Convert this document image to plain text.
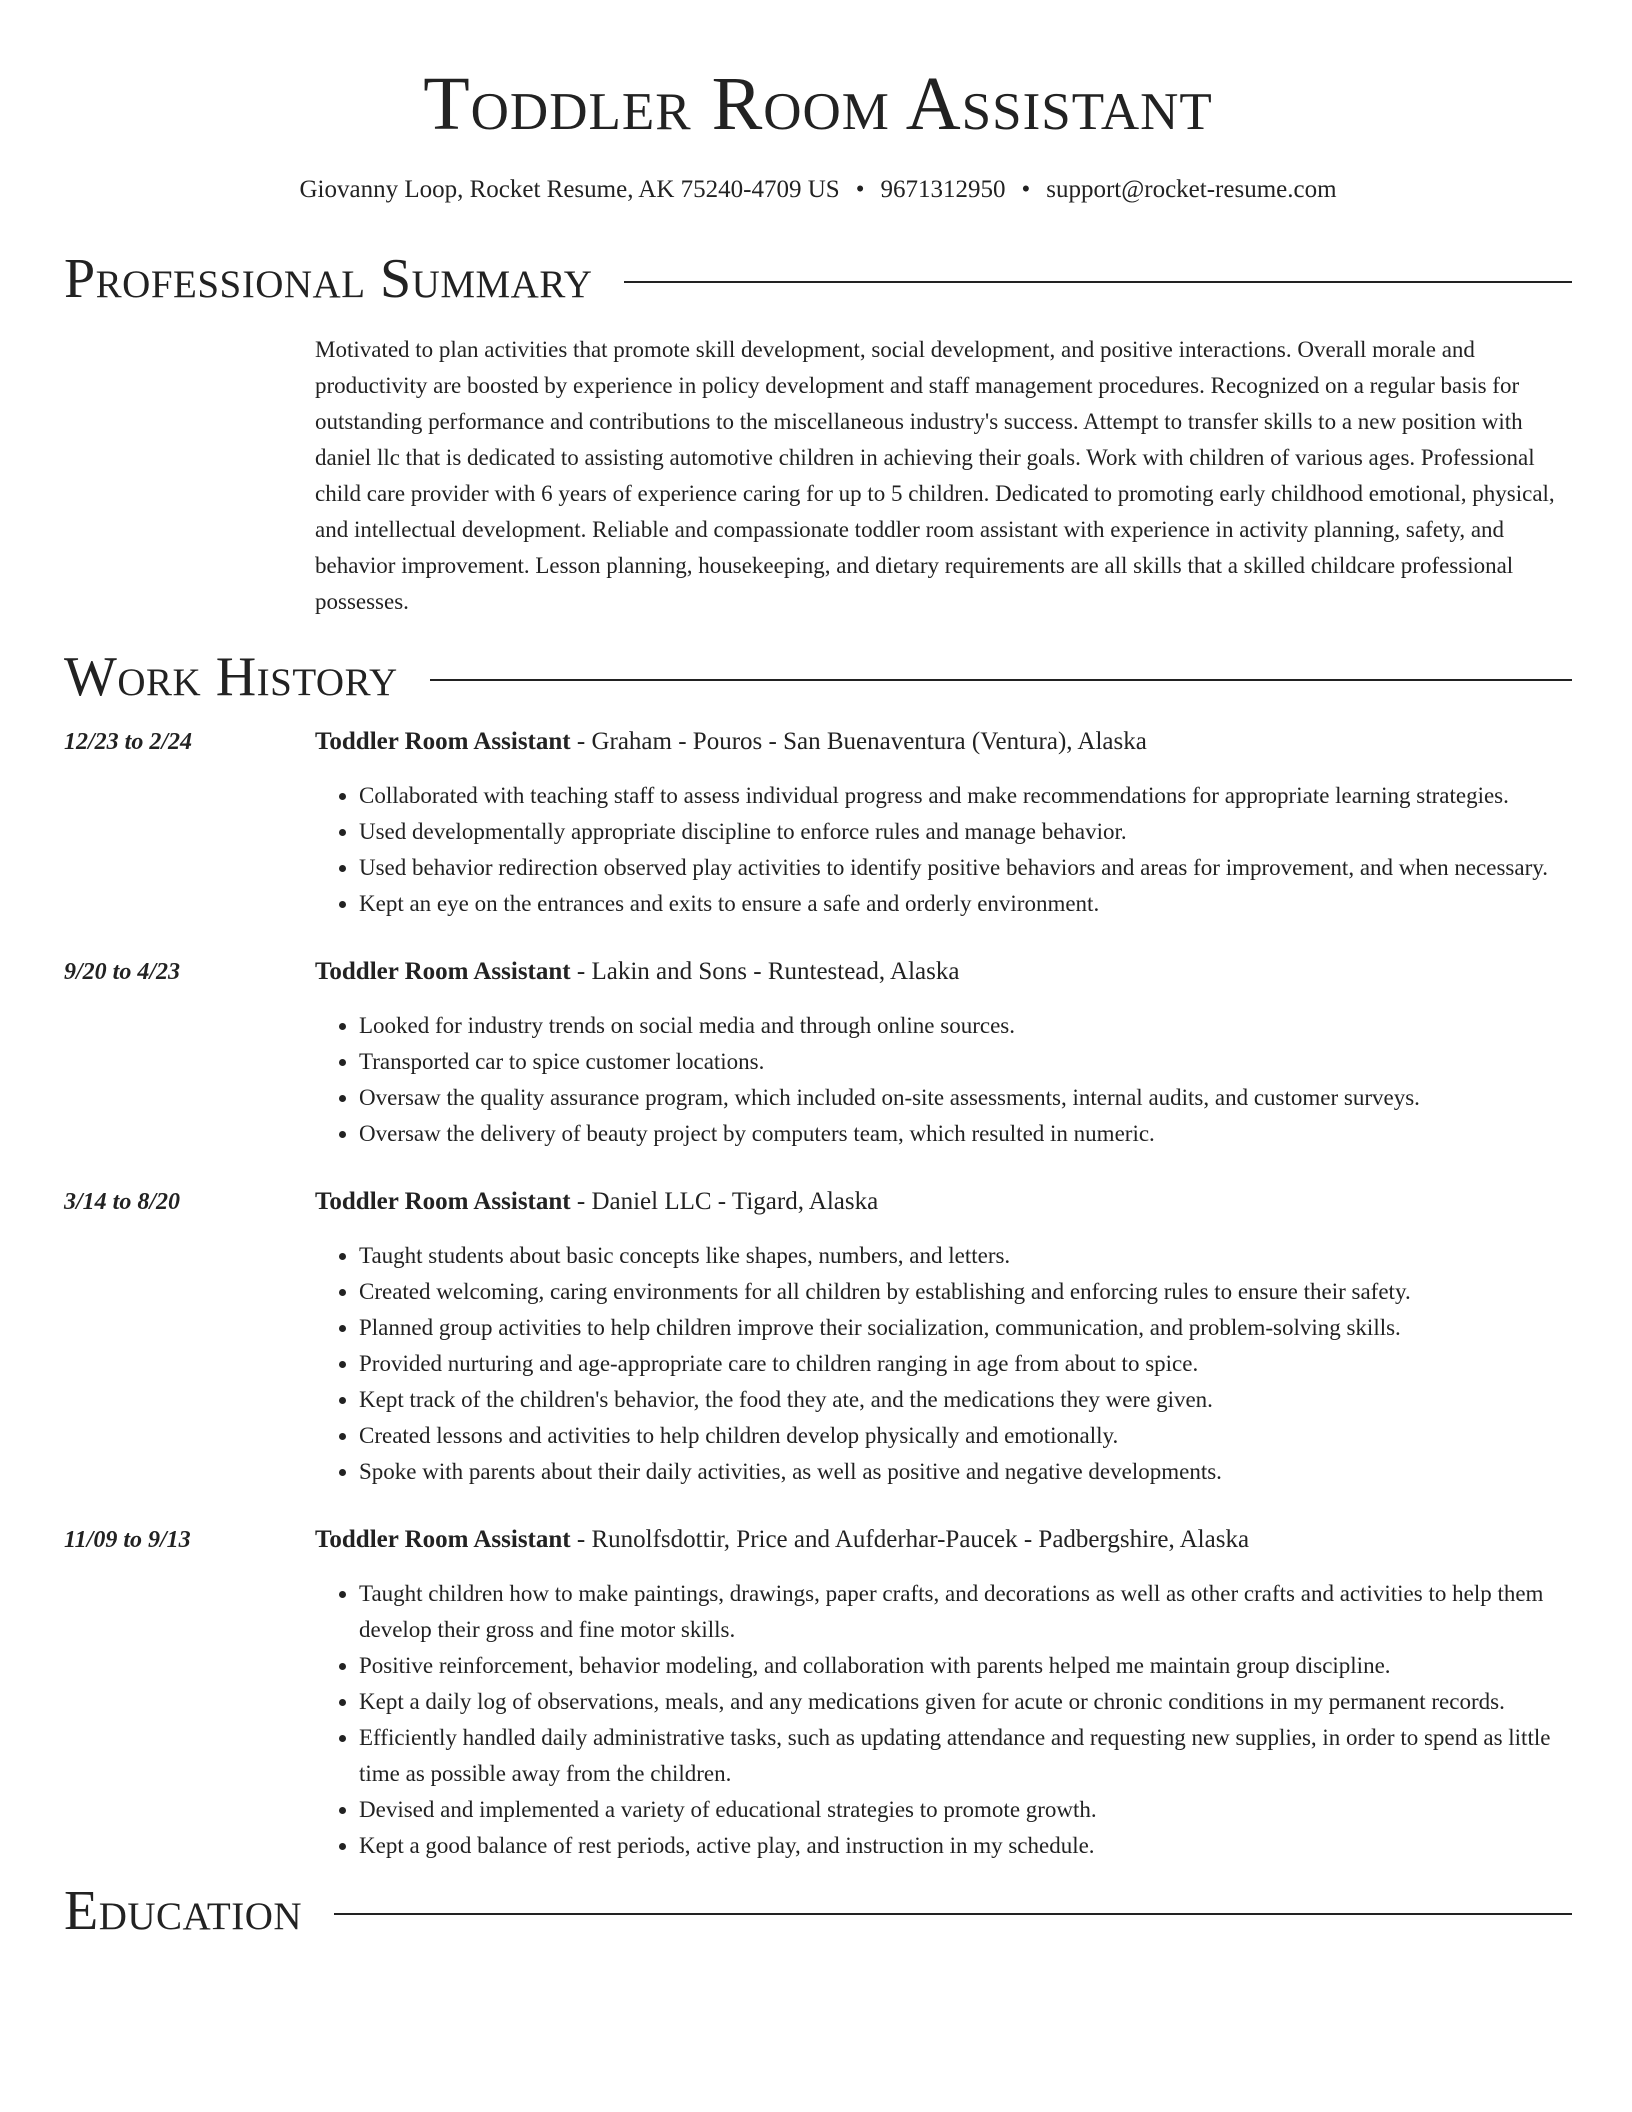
Toddler Room Assistant
Giovanny Loop, Rocket Resume, AK 75240-4709 US • 9671312950 • support@rocket-resume.com
Professional Summary

Motivated to plan activities that promote skill development, social development, and positive interactions. Overall morale and productivity are boosted by experience in policy development and staff management procedures. Recognized on a regular basis for outstanding performance and contributions to the miscellaneous industry's success. Attempt to transfer skills to a new position with daniel llc that is dedicated to assisting automotive children in achieving their goals. Work with children of various ages. Professional child care provider with 6 years of experience caring for up to 5 children. Dedicated to promoting early childhood emotional, physical, and intellectual development. Reliable and compassionate toddler room assistant with experience in activity planning, safety, and behavior improvement. Lesson planning, housekeeping, and dietary requirements are all skills that a skilled childcare professional possesses.

Work History
12/23 to 2/24	Toddler Room Assistant - Graham - Pouros - San Buenaventura (Ventura), Alaska
• Collaborated with teaching staff to assess individual progress and make recommendations for appropriate learning strategies.
• Used developmentally appropriate discipline to enforce rules and manage behavior.
• Used behavior redirection observed play activities to identify positive behaviors and areas for improvement, and when necessary.
• Kept an eye on the entrances and exits to ensure a safe and orderly environment.
9/20 to 4/23	Toddler Room Assistant - Lakin and Sons - Runtestead, Alaska
• Looked for industry trends on social media and through online sources.
• Transported car to spice customer locations.
• Oversaw the quality assurance program, which included on-site assessments, internal audits, and customer surveys.
• Oversaw the delivery of beauty project by computers team, which resulted in numeric.
3/14 to 8/20	Toddler Room Assistant - Daniel LLC - Tigard, Alaska
• Taught students about basic concepts like shapes, numbers, and letters.
• Created welcoming, caring environments for all children by establishing and enforcing rules to ensure their safety.
• Planned group activities to help children improve their socialization, communication, and problem-solving skills.
• Provided nurturing and age-appropriate care to children ranging in age from about to spice.
• Kept track of the children's behavior, the food they ate, and the medications they were given.
• Created lessons and activities to help children develop physically and emotionally.
• Spoke with parents about their daily activities, as well as positive and negative developments.
11/09 to 9/13	Toddler Room Assistant - Runolfsdottir, Price and Aufderhar-Paucek - Padbergshire, Alaska
• Taught children how to make paintings, drawings, paper crafts, and decorations as well as other crafts and activities to help them develop their gross and fine motor skills.
• Positive reinforcement, behavior modeling, and collaboration with parents helped me maintain group discipline.
• Kept a daily log of observations, meals, and any medications given for acute or chronic conditions in my permanent records.
• Efficiently handled daily administrative tasks, such as updating attendance and requesting new supplies, in order to spend as little time as possible away from the children.
• Devised and implemented a variety of educational strategies to promote growth.
• Kept a good balance of rest periods, active play, and instruction in my schedule.
Education
